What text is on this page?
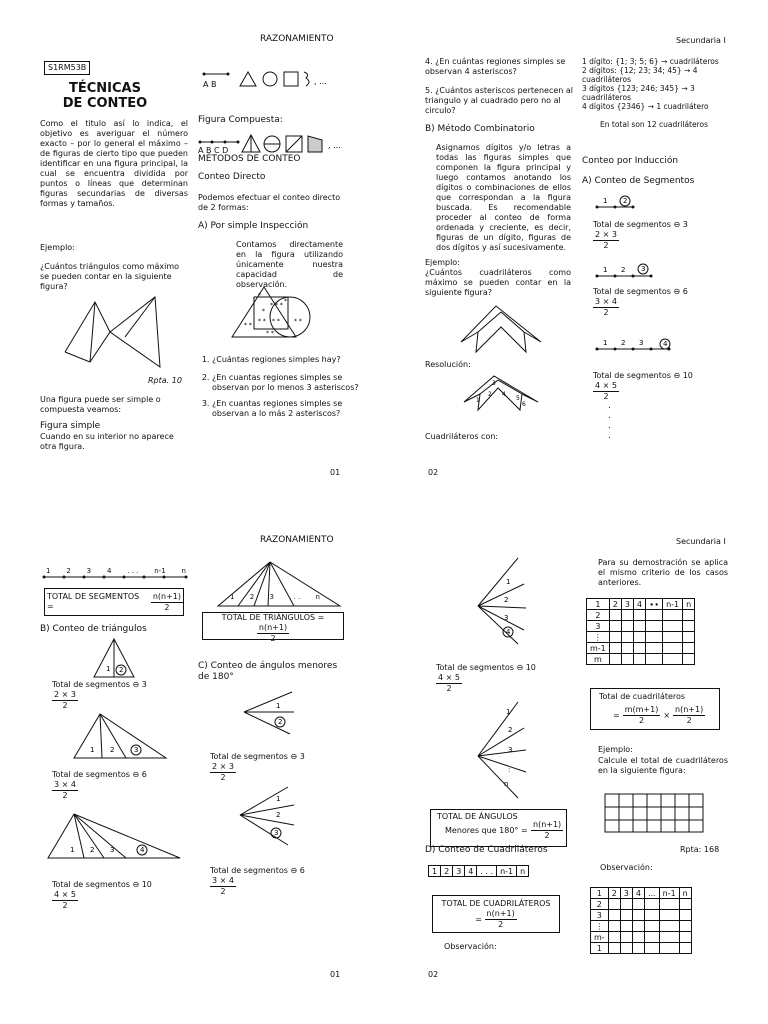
RAZONAMIENTO	Secundaria I
S1RM53B
TÉCNICAS DE CONTEO
Como el titulo así lo indica, el objetivo es averiguar el número exacto – por lo general el máximo – de figuras de cierto tipo que pueden identificar en una figura principal, la cual se encuentra dividida por puntos o líneas que determinan figuras secundarias de diversas formas y tamaños.
Ejemplo:
¿Cuántos triángulos como máximo se pueden contar en la siguiente figura?
Rpta. 10
Una figura puede ser simple o compuesta veamos:
Figura simple
Cuando en su interior no aparece otra figura.
, ...
A B
Figura Compuesta:
, ...
A B C D
MÉTODOS DE CONTEO
Conteo Directo
Podemos efectuar el conteo directo de 2 formas:
A) Por simple Inspección
Contamos directamente en la figura utilizando únicamente nuestra capacidad de observación.
*
* *
*
* *
* * *
* *
*
* *
* *
1. ¿Cuántas regiones simples hay?
2. ¿En cuantas regiones simples se observan por lo menos 3 asteriscos?
3. ¿En cuantas regiones simples se observan a lo más 2 asteriscos?
01
4. ¿En cuántas regiones simples se observan 4 asteriscos?
5. ¿Cuántos asteriscos pertenecen al triangulo y al cuadrado pero no al circulo?
B) Método Combinatorio
Asignamos dígitos y/o letras a todas las figuras simples que componen la figura principal y luego contamos anotando los dígitos o combinaciones de ellos que correspondan a la figura buscada. Es recomendable proceder al conteo de forma ordenada y creciente, es decir, figuras de un dígito, figuras de dos dígitos y así sucesivamente.
Ejemplo:
¿Cuántos cuadriláteros como máximo se pueden contar en la siguiente figura?
Resolución:
3
1
2 4
5
6
Cuadriláteros con:
02
1 dígito: {1; 3; 5; 6} → cuadriláteros
2 dígitos: {12; 23; 34; 45} → 4 cuadriláteros
3 dígitos {123; 246; 345} → 3 cuadriláteros
4 dígitos {2346} → 1 cuadrilátero
En total son 12 cuadriláteros
Conteo por Inducción
A) Conteo de Segmentos
1 2
Total de segmentos ⊖ 3
2 × 3
2
1 2 3
Total de segmentos ⊖ 6
3 × 4
2
1 2 3	4
Total de segmentos ⊖ 10
4 × 5
2
.
.
.
.
RAZONAMIENTO	Secundaria I
1 2 3 4 . . . n-1 n
TOTAL DE SEGMENTOS =	$\frac{n(n+1)}{2}$
B) Conteo de triángulos
1 2
Total de segmentos ⊖ 3
2 × 3
2
1 2	3
Total de segmentos ⊖ 6
3 × 4
2
1 2 3	4
Total de segmentos ⊖ 10
4 × 5
2
1 2 3 . . . n
TOTAL DE TRIÁNGULOS =
$\frac{n(n+1)}{2}$
C) Conteo de ángulos menores de 180°
1
2
Total de segmentos ⊖ 3
2 × 3
2
1
2
3
Total de segmentos ⊖ 6
3 × 4
2
01
1
2
3
4
Total de segmentos ⊖ 10
4 × 5
2
1
2
3
:
n
TOTAL DE ÁNGULOS
Menores que $180^\circ = \frac{n(n+1)}{2}$
D) Conteo de Cuadriláteros
1	2	3	4	. . .	n-1	n
TOTAL DE CUADRILÁTEROS
= $\frac{n(n+1)}{2}$
Observación:
02
Para su demostración se aplica el mismo criterio de los casos anteriores.
1	2	3	4	∙∙	n-1	n
2						
3						
⋮						
m-1						
m						
Total de cuadriláteros
= $\frac{m(m+1)}{2} \times \frac{n(n+1)}{2}$
Ejemplo:
Calcule el total de cuadriláteros en la siguiente figura:
Rpta: 168
Observación:
1	2	3	4	...	n-1	n
2						
3						
⋮						
m-						
1						
